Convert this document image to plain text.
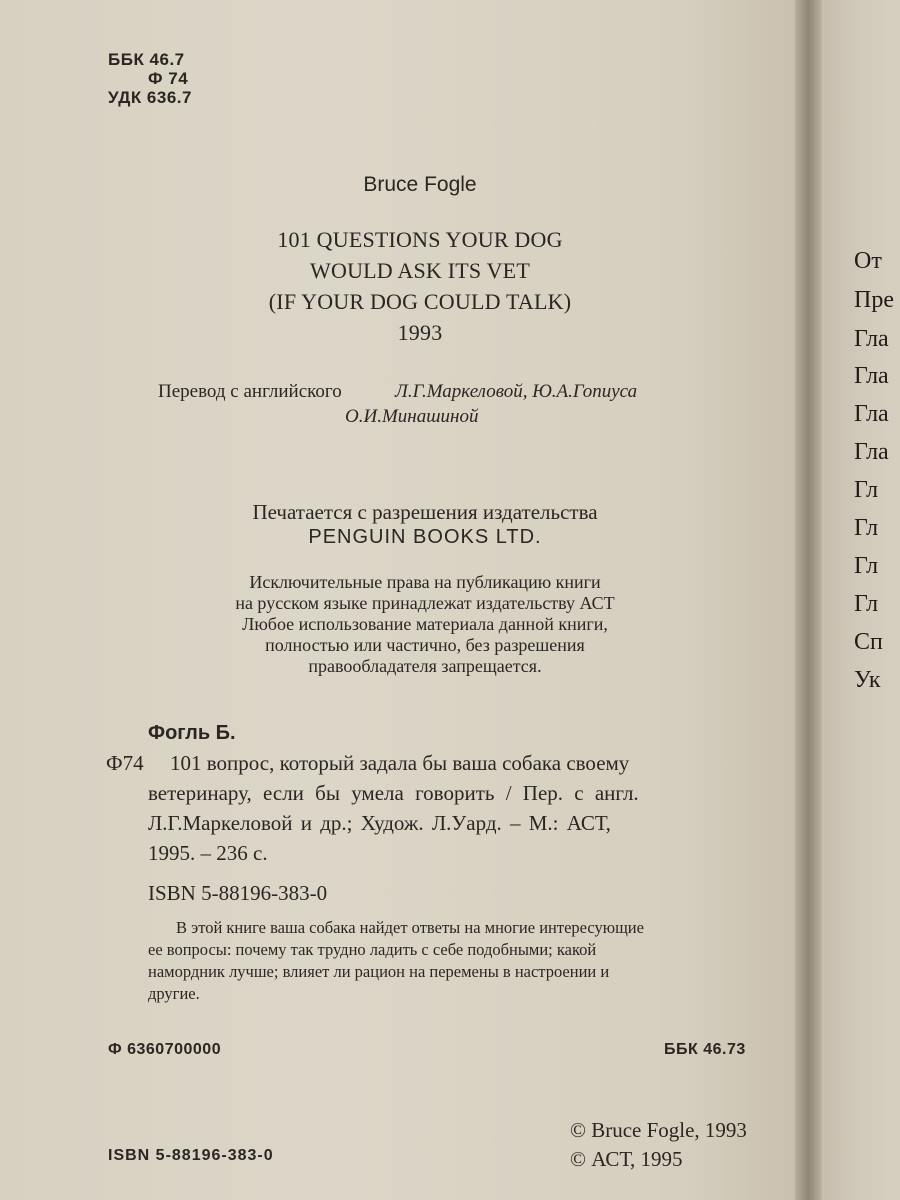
ББК 46.7
Ф 74
УДК 636.7
Bruce Fogle
101 QUESTIONS YOUR DOG
WOULD ASK ITS VET
(IF YOUR DOG COULD TALK)
1993
Перевод с английского	Л.Г.Маркеловой, Ю.А.Гопиуса
О.И.Минашиной
Печатается с разрешения издательства
PENGUIN BOOKS LTD.
Исключительные права на публикацию книги
на русском языке принадлежат издательству АСТ
Любое использование материала данной книги,
полностью или частично, без разрешения
правообладателя запрещается.
Фогль Б.
Ф74 101 вопрос, который задала бы ваша собака своему
ветеринару, если бы умела говорить / Пер. с англ.
Л.Г.Маркеловой и др.; Худож. Л.Уард. – М.: АСТ,
1995. – 236 с.
ISBN 5-88196-383-0
В этой книге ваша собака найдет ответы на многие интересующие
ее вопросы: почему так трудно ладить с себе подобными; какой
намордник лучше; влияет ли рацион на перемены в настроении и
другие.
Ф 6360700000	ББК 46.73
© Bruce Fogle, 1993
© АСТ, 1995
ISBN 5-88196-383-0
От
Пре
Гла
Гла
Гла
Гла
Гл
Гл
Гл
Гл
Сп
Ук
